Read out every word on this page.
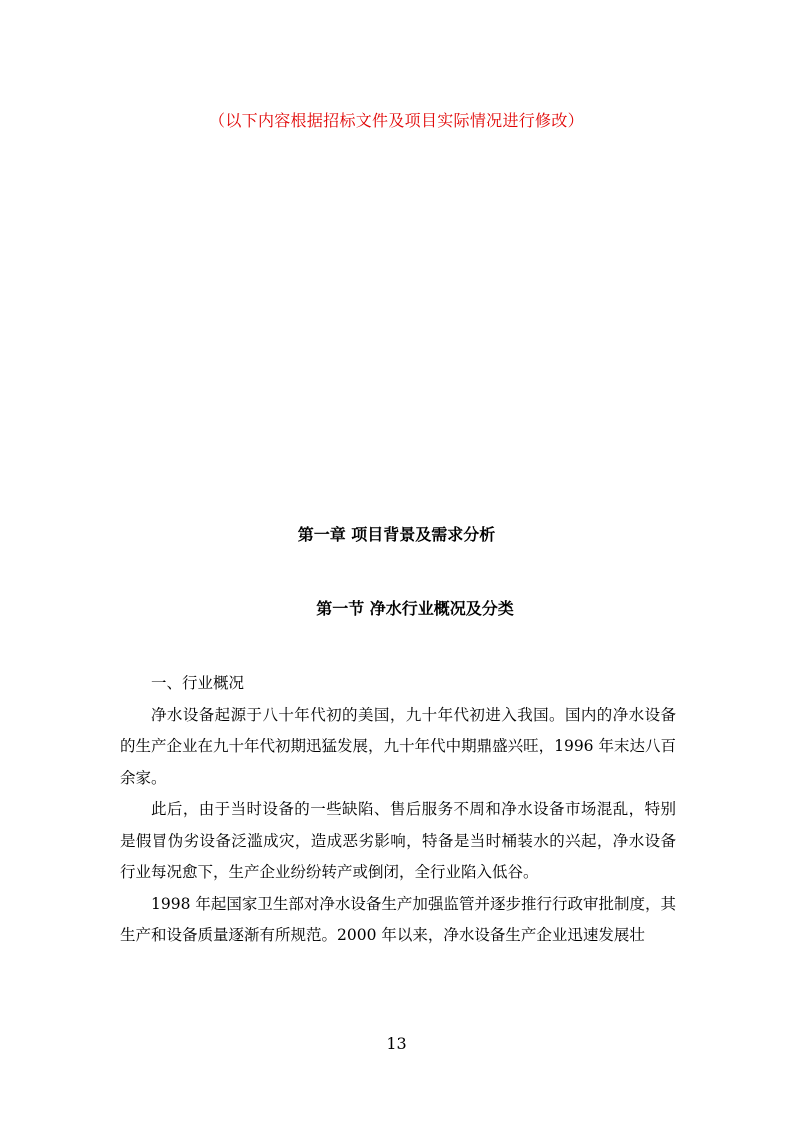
（以下内容根据招标文件及项目实际情况进行修改）
第一章 项目背景及需求分析
第一节 净水行业概况及分类

一、行业概况

净水设备起源于八十年代初的美国，九十年代初进入我国。国内的净水设备的生产企业在九十年代初期迅猛发展，九十年代中期鼎盛兴旺，1996 年末达八百余家。

此后，由于当时设备的一些缺陷、售后服务不周和净水设备市场混乱，特别是假冒伪劣设备泛滥成灾，造成恶劣影响，特备是当时桶装水的兴起，净水设备行业每况愈下，生产企业纷纷转产或倒闭，全行业陷入低谷。

1998 年起国家卫生部对净水设备生产加强监管并逐步推行行政审批制度，其生产和设备质量逐渐有所规范。2000 年以来，净水设备生产企业迅速发展壮

13
